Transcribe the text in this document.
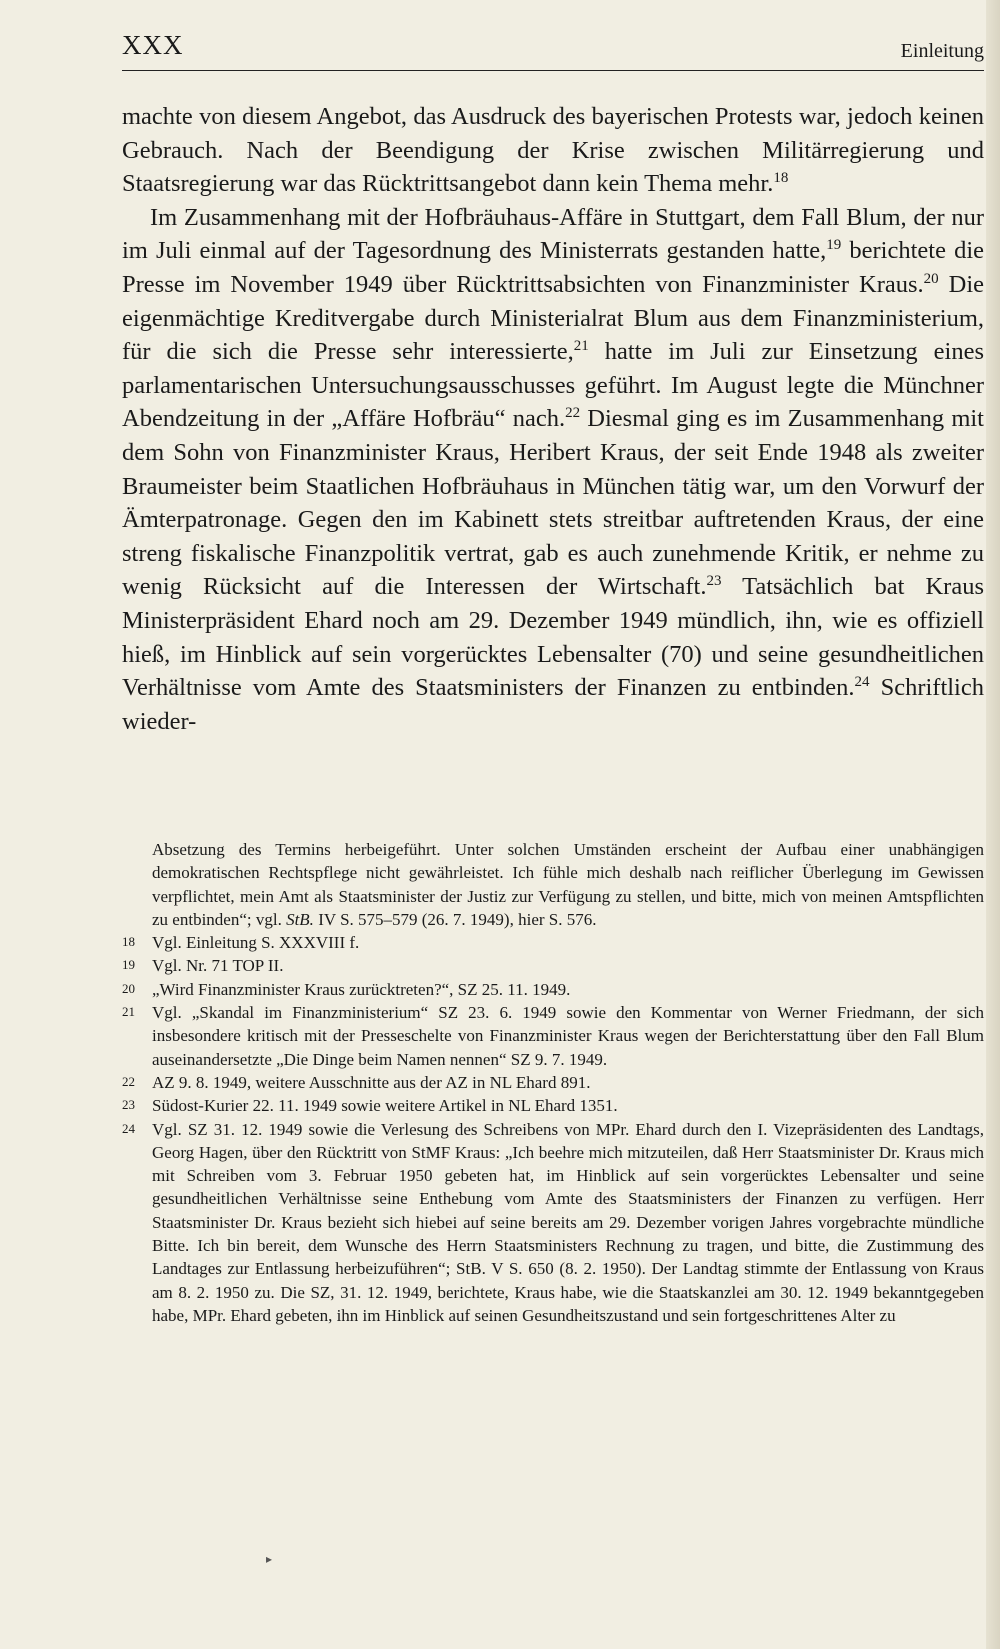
XXX	Einleitung

machte von diesem Angebot, das Ausdruck des bayerischen Protests war, jedoch keinen Gebrauch. Nach der Beendigung der Krise zwischen Militärregierung und Staatsregierung war das Rücktrittsangebot dann kein Thema mehr.$^{18}$

Im Zusammenhang mit der Hofbräuhaus-Affäre in Stuttgart, dem Fall Blum, der nur im Juli einmal auf der Tagesordnung des Ministerrats gestanden hatte,$^{19}$ berichtete die Presse im November 1949 über Rücktrittsabsichten von Finanzminister Kraus.$^{20}$ Die eigenmächtige Kreditvergabe durch Ministerialrat Blum aus dem Finanzministerium, für die sich die Presse sehr interessierte,$^{21}$ hatte im Juli zur Einsetzung eines parlamentarischen Untersuchungsausschusses geführt. Im August legte die Münchner Abendzeitung in der „Affäre Hofbräu“ nach.$^{22}$ Diesmal ging es im Zusammenhang mit dem Sohn von Finanzminister Kraus, Heribert Kraus, der seit Ende 1948 als zweiter Braumeister beim Staatlichen Hofbräuhaus in München tätig war, um den Vorwurf der Ämterpatronage. Gegen den im Kabinett stets streitbar auftretenden Kraus, der eine streng fiskalische Finanzpolitik vertrat, gab es auch zunehmende Kritik, er nehme zu wenig Rücksicht auf die Interessen der Wirtschaft.$^{23}$ Tatsächlich bat Kraus Ministerpräsident Ehard noch am 29. Dezember 1949 mündlich, ihn, wie es offiziell hieß, im Hinblick auf sein vorgerücktes Lebensalter (70) und seine gesundheitlichen Verhältnisse vom Amte des Staatsministers der Finanzen zu entbinden.$^{24}$ Schriftlich wieder-

Absetzung des Termins herbeigeführt. Unter solchen Umständen erscheint der Aufbau einer unabhängigen demokratischen Rechtspflege nicht gewährleistet. Ich fühle mich deshalb nach reiflicher Überlegung im Gewissen verpflichtet, mein Amt als Staatsminister der Justiz zur Verfügung zu stellen, und bitte, mich von meinen Amtspflichten zu entbinden“; vgl. StB. IV S. 575–579 (26. 7. 1949), hier S. 576.

18	Vgl. Einleitung S. XXXVIII f.
19	Vgl. Nr. 71 TOP II.
20	„Wird Finanzminister Kraus zurücktreten?“, SZ 25. 11. 1949.
21	Vgl. „Skandal im Finanzministerium“ SZ 23. 6. 1949 sowie den Kommentar von Werner Friedmann, der sich insbesondere kritisch mit der Presseschelte von Finanzminister Kraus wegen der Berichterstattung über den Fall Blum auseinandersetzte „Die Dinge beim Namen nennen“ SZ 9. 7. 1949.
22	AZ 9. 8. 1949, weitere Ausschnitte aus der AZ in NL Ehard 891.
23	Südost-Kurier 22. 11. 1949 sowie weitere Artikel in NL Ehard 1351.
24	Vgl. SZ 31. 12. 1949 sowie die Verlesung des Schreibens von MPr. Ehard durch den I. Vizepräsidenten des Landtags, Georg Hagen, über den Rücktritt von StMF Kraus: „Ich beehre mich mitzuteilen, daß Herr Staatsminister Dr. Kraus mich mit Schreiben vom 3. Februar 1950 gebeten hat, im Hinblick auf sein vorgerücktes Lebensalter und seine gesundheitlichen Verhältnisse seine Enthebung vom Amte des Staatsministers der Finanzen zu verfügen. Herr Staatsminister Dr. Kraus bezieht sich hiebei auf seine bereits am 29. Dezember vorigen Jahres vorgebrachte mündliche Bitte. Ich bin bereit, dem Wunsche des Herrn Staatsministers Rechnung zu tragen, und bitte, die Zustimmung des Landtages zur Entlassung herbeizuführen“; StB. V S. 650 (8. 2. 1950). Der Landtag stimmte der Entlassung von Kraus am 8. 2. 1950 zu. Die SZ, 31. 12. 1949, berichtete, Kraus habe, wie die Staatskanzlei am 30. 12. 1949 bekanntgegeben habe, MPr. Ehard gebeten, ihn im Hinblick auf seinen Gesundheitszustand und sein fortgeschrittenes Alter zu
▸
